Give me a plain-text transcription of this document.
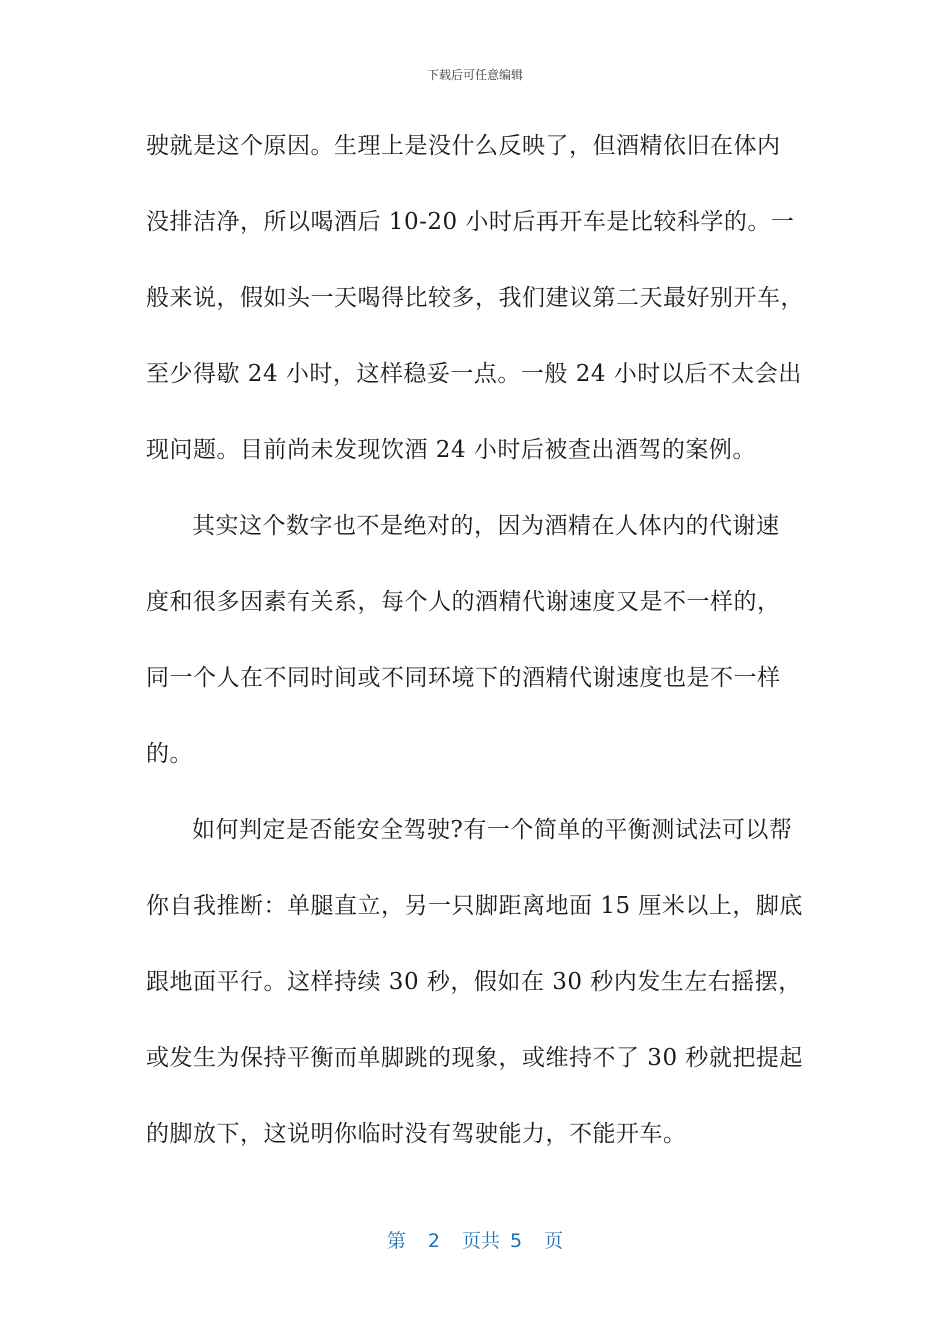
下载后可任意编辑
驶就是这个原因。生理上是没什么反映了，但酒精依旧在体内
没排洁净，所以喝酒后 10-20 小时后再开车是比较科学的。一
般来说，假如头一天喝得比较多，我们建议第二天最好别开车，
至少得歇 24 小时，这样稳妥一点。一般 24 小时以后不太会出
现问题。目前尚未发现饮酒 24 小时后被查出酒驾的案例。
其实这个数字也不是绝对的，因为酒精在人体内的代谢速
度和很多因素有关系，每个人的酒精代谢速度又是不一样的，
同一个人在不同时间或不同环境下的酒精代谢速度也是不一样
的。
如何判定是否能安全驾驶?有一个简单的平衡测试法可以帮
你自我推断：单腿直立，另一只脚距离地面 15 厘米以上，脚底
跟地面平行。这样持续 30 秒，假如在 30 秒内发生左右摇摆，
或发生为保持平衡而单脚跳的现象，或维持不了 30 秒就把提起
的脚放下，这说明你临时没有驾驶能力，不能开车。
第 2 页共 5 页
